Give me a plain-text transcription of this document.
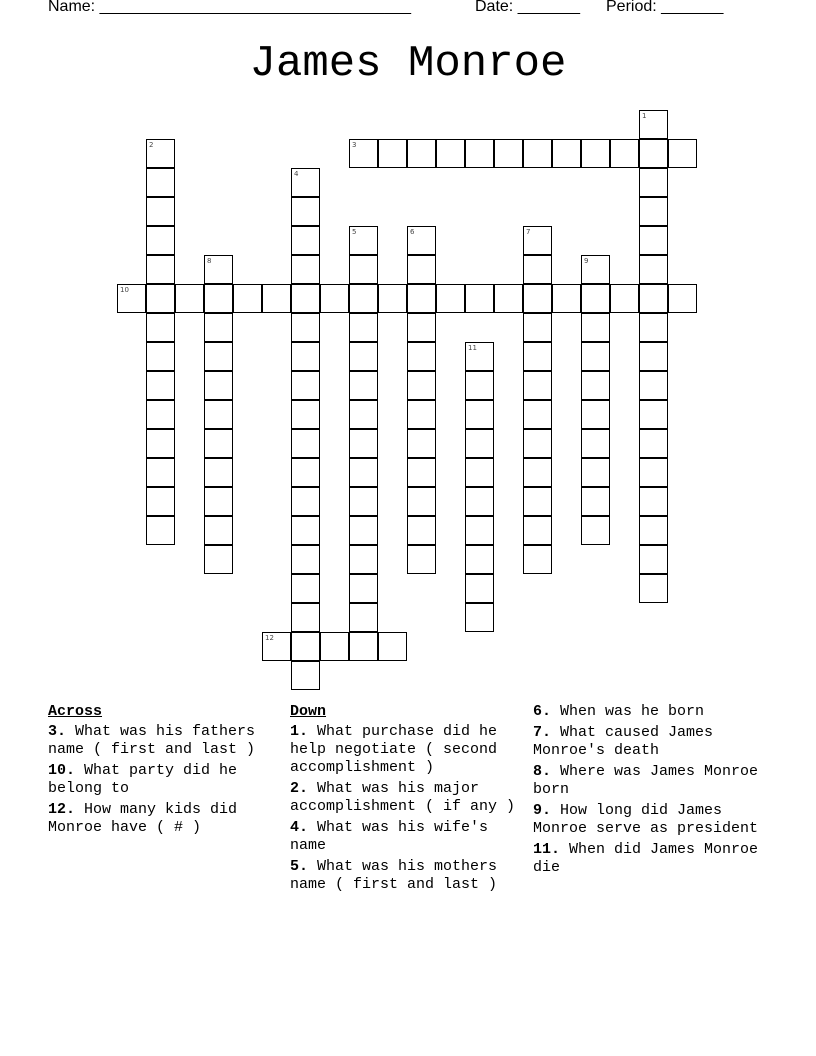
Name: ___________________________________

	Date: _______

Period: _______

James Monroe
3
10
12
1
2
4
5	6	7
8	9
11
Across
3. What was his fathers name ( first and last )
10. What party did he belong to
12. How many kids did Monroe have ( # )
Down
1. What purchase did he help negotiate ( second accomplishment )
2. What was his major accomplishment ( if any )
4. What was his wife's name
5. What was his mothers name ( first and last )
6. When was he born
7. What caused James Monroe's death
8. Where was James Monroe born
9. How long did James Monroe serve as president
11. When did James Monroe die
